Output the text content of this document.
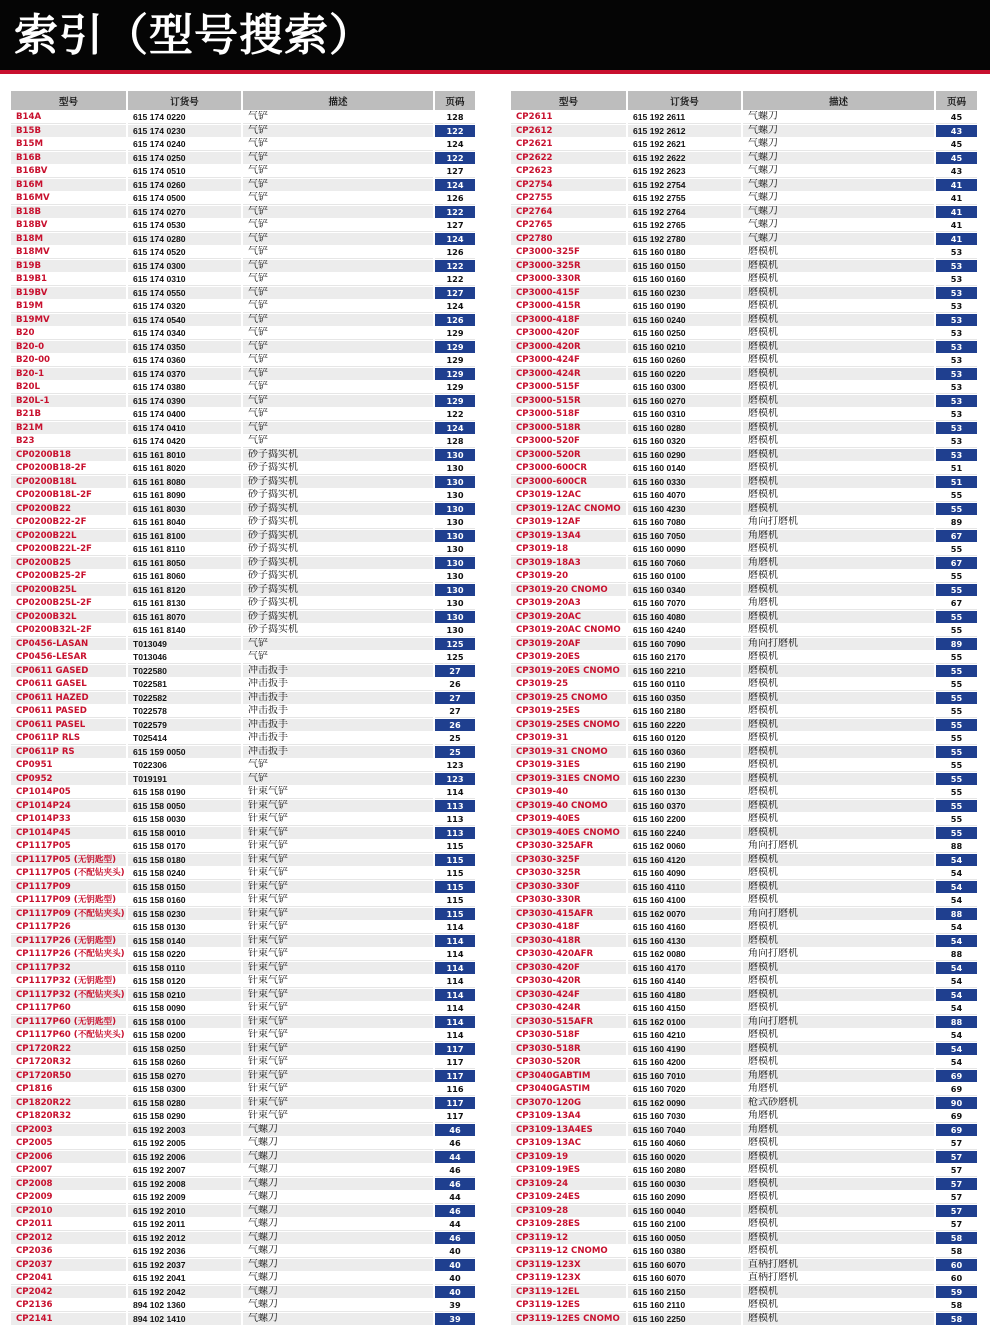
索引（型号搜索）
型号	订货号	描述	页码
B14A	615 174 0220	气铲	128
B15B	615 174 0230	气铲	122
B15M	615 174 0240	气铲	124
B16B	615 174 0250	气铲	122
B16BV	615 174 0510	气铲	127
B16M	615 174 0260	气铲	124
B16MV	615 174 0500	气铲	126
B18B	615 174 0270	气铲	122
B18BV	615 174 0530	气铲	127
B18M	615 174 0280	气铲	124
B18MV	615 174 0520	气铲	126
B19B	615 174 0300	气铲	122
B19B1	615 174 0310	气铲	122
B19BV	615 174 0550	气铲	127
B19M	615 174 0320	气铲	124
B19MV	615 174 0540	气铲	126
B20	615 174 0340	气铲	129
B20-0	615 174 0350	气铲	129
B20-00	615 174 0360	气铲	129
B20-1	615 174 0370	气铲	129
B20L	615 174 0380	气铲	129
B20L-1	615 174 0390	气铲	129
B21B	615 174 0400	气铲	122
B21M	615 174 0410	气铲	124
B23	615 174 0420	气铲	128
CP0200B18	615 161 8010	砂子捣实机	130
CP0200B18-2F	615 161 8020	砂子捣实机	130
CP0200B18L	615 161 8080	砂子捣实机	130
CP0200B18L-2F	615 161 8090	砂子捣实机	130
CP0200B22	615 161 8030	砂子捣实机	130
CP0200B22-2F	615 161 8040	砂子捣实机	130
CP0200B22L	615 161 8100	砂子捣实机	130
CP0200B22L-2F	615 161 8110	砂子捣实机	130
CP0200B25	615 161 8050	砂子捣实机	130
CP0200B25-2F	615 161 8060	砂子捣实机	130
CP0200B25L	615 161 8120	砂子捣实机	130
CP0200B25L-2F	615 161 8130	砂子捣实机	130
CP0200B32L	615 161 8070	砂子捣实机	130
CP0200B32L-2F	615 161 8140	砂子捣实机	130
CP0456-LASAN	T013049	气铲	125
CP0456-LESAR	T013046	气铲	125
CP0611 GASED	T022580	冲击扳手	27
CP0611 GASEL	T022581	冲击扳手	26
CP0611 HAZED	T022582	冲击扳手	27
CP0611 PASED	T022578	冲击扳手	27
CP0611 PASEL	T022579	冲击扳手	26
CP0611P RLS	T025414	冲击扳手	25
CP0611P RS	615 159 0050	冲击扳手	25
CP0951	T022306	气铲	123
CP0952	T019191	气铲	123
CP1014P05	615 158 0190	针束气铲	114
CP1014P24	615 158 0050	针束气铲	113
CP1014P33	615 158 0030	针束气铲	113
CP1014P45	615 158 0010	针束气铲	113
CP1117P05	615 158 0170	针束气铲	115
CP1117P05 (无钥匙型)	615 158 0180	针束气铲	115
CP1117P05 (不配钻夹头)	615 158 0240	针束气铲	115
CP1117P09	615 158 0150	针束气铲	115
CP1117P09 (无钥匙型)	615 158 0160	针束气铲	115
CP1117P09 (不配钻夹头)	615 158 0230	针束气铲	115
CP1117P26	615 158 0130	针束气铲	114
CP1117P26 (无钥匙型)	615 158 0140	针束气铲	114
CP1117P26 (不配钻夹头)	615 158 0220	针束气铲	114
CP1117P32	615 158 0110	针束气铲	114
CP1117P32 (无钥匙型)	615 158 0120	针束气铲	114
CP1117P32 (不配钻夹头)	615 158 0210	针束气铲	114
CP1117P60	615 158 0090	针束气铲	114
CP1117P60 (无钥匙型)	615 158 0100	针束气铲	114
CP1117P60 (不配钻夹头)	615 158 0200	针束气铲	114
CP1720R22	615 158 0250	针束气铲	117
CP1720R32	615 158 0260	针束气铲	117
CP1720R50	615 158 0270	针束气铲	117
CP1816	615 158 0300	针束气铲	116
CP1820R22	615 158 0280	针束气铲	117
CP1820R32	615 158 0290	针束气铲	117
CP2003	615 192 2003	气螺刀	46
CP2005	615 192 2005	气螺刀	46
CP2006	615 192 2006	气螺刀	44
CP2007	615 192 2007	气螺刀	46
CP2008	615 192 2008	气螺刀	46
CP2009	615 192 2009	气螺刀	44
CP2010	615 192 2010	气螺刀	46
CP2011	615 192 2011	气螺刀	44
CP2012	615 192 2012	气螺刀	46
CP2036	615 192 2036	气螺刀	40
CP2037	615 192 2037	气螺刀	40
CP2041	615 192 2041	气螺刀	40
CP2042	615 192 2042	气螺刀	40
CP2136	894 102 1360	气螺刀	39
CP2141	894 102 1410	气螺刀	39
型号	订货号	描述	页码
CP2611	615 192 2611	气螺刀	45
CP2612	615 192 2612	气螺刀	43
CP2621	615 192 2621	气螺刀	45
CP2622	615 192 2622	气螺刀	45
CP2623	615 192 2623	气螺刀	43
CP2754	615 192 2754	气螺刀	41
CP2755	615 192 2755	气螺刀	41
CP2764	615 192 2764	气螺刀	41
CP2765	615 192 2765	气螺刀	41
CP2780	615 192 2780	气螺刀	41
CP3000-325F	615 160 0180	磨模机	53
CP3000-325R	615 160 0150	磨模机	53
CP3000-330R	615 160 0160	磨模机	53
CP3000-415F	615 160 0230	磨模机	53
CP3000-415R	615 160 0190	磨模机	53
CP3000-418F	615 160 0240	磨模机	53
CP3000-420F	615 160 0250	磨模机	53
CP3000-420R	615 160 0210	磨模机	53
CP3000-424F	615 160 0260	磨模机	53
CP3000-424R	615 160 0220	磨模机	53
CP3000-515F	615 160 0300	磨模机	53
CP3000-515R	615 160 0270	磨模机	53
CP3000-518F	615 160 0310	磨模机	53
CP3000-518R	615 160 0280	磨模机	53
CP3000-520F	615 160 0320	磨模机	53
CP3000-520R	615 160 0290	磨模机	53
CP3000-600CR	615 160 0140	磨模机	51
CP3000-600CR	615 160 0330	磨模机	51
CP3019-12AC	615 160 4070	磨模机	55
CP3019-12AC CNOMO	615 160 4230	磨模机	55
CP3019-12AF	615 160 7080	角向打磨机	89
CP3019-13A4	615 160 7050	角磨机	67
CP3019-18	615 160 0090	磨模机	55
CP3019-18A3	615 160 7060	角磨机	67
CP3019-20	615 160 0100	磨模机	55
CP3019-20 CNOMO	615 160 0340	磨模机	55
CP3019-20A3	615 160 7070	角磨机	67
CP3019-20AC	615 160 4080	磨模机	55
CP3019-20AC CNOMO	615 160 4240	磨模机	55
CP3019-20AF	615 160 7090	角向打磨机	89
CP3019-20ES	615 160 2170	磨模机	55
CP3019-20ES CNOMO	615 160 2210	磨模机	55
CP3019-25	615 160 0110	磨模机	55
CP3019-25 CNOMO	615 160 0350	磨模机	55
CP3019-25ES	615 160 2180	磨模机	55
CP3019-25ES CNOMO	615 160 2220	磨模机	55
CP3019-31	615 160 0120	磨模机	55
CP3019-31 CNOMO	615 160 0360	磨模机	55
CP3019-31ES	615 160 2190	磨模机	55
CP3019-31ES CNOMO	615 160 2230	磨模机	55
CP3019-40	615 160 0130	磨模机	55
CP3019-40 CNOMO	615 160 0370	磨模机	55
CP3019-40ES	615 160 2200	磨模机	55
CP3019-40ES CNOMO	615 160 2240	磨模机	55
CP3030-325AFR	615 162 0060	角向打磨机	88
CP3030-325F	615 160 4120	磨模机	54
CP3030-325R	615 160 4090	磨模机	54
CP3030-330F	615 160 4110	磨模机	54
CP3030-330R	615 160 4100	磨模机	54
CP3030-415AFR	615 162 0070	角向打磨机	88
CP3030-418F	615 160 4160	磨模机	54
CP3030-418R	615 160 4130	磨模机	54
CP3030-420AFR	615 162 0080	角向打磨机	88
CP3030-420F	615 160 4170	磨模机	54
CP3030-420R	615 160 4140	磨模机	54
CP3030-424F	615 160 4180	磨模机	54
CP3030-424R	615 160 4150	磨模机	54
CP3030-515AFR	615 162 0100	角向打磨机	88
CP3030-518F	615 160 4210	磨模机	54
CP3030-518R	615 160 4190	磨模机	54
CP3030-520R	615 160 4200	磨模机	54
CP3040GABTIM	615 160 7010	角磨机	69
CP3040GASTIM	615 160 7020	角磨机	69
CP3070-120G	615 162 0090	枪式砂磨机	90
CP3109-13A4	615 160 7030	角磨机	69
CP3109-13A4ES	615 160 7040	角磨机	69
CP3109-13AC	615 160 4060	磨模机	57
CP3109-19	615 160 0020	磨模机	57
CP3109-19ES	615 160 2080	磨模机	57
CP3109-24	615 160 0030	磨模机	57
CP3109-24ES	615 160 2090	磨模机	57
CP3109-28	615 160 0040	磨模机	57
CP3109-28ES	615 160 2100	磨模机	57
CP3119-12	615 160 0050	磨模机	58
CP3119-12 CNOMO	615 160 0380	磨模机	58
CP3119-123X	615 160 6070	直柄打磨机	60
CP3119-123X	615 160 6070	直柄打磨机	60
CP3119-12EL	615 160 2150	磨模机	59
CP3119-12ES	615 160 2110	磨模机	58
CP3119-12ES CNOMO	615 160 2250	磨模机	58
